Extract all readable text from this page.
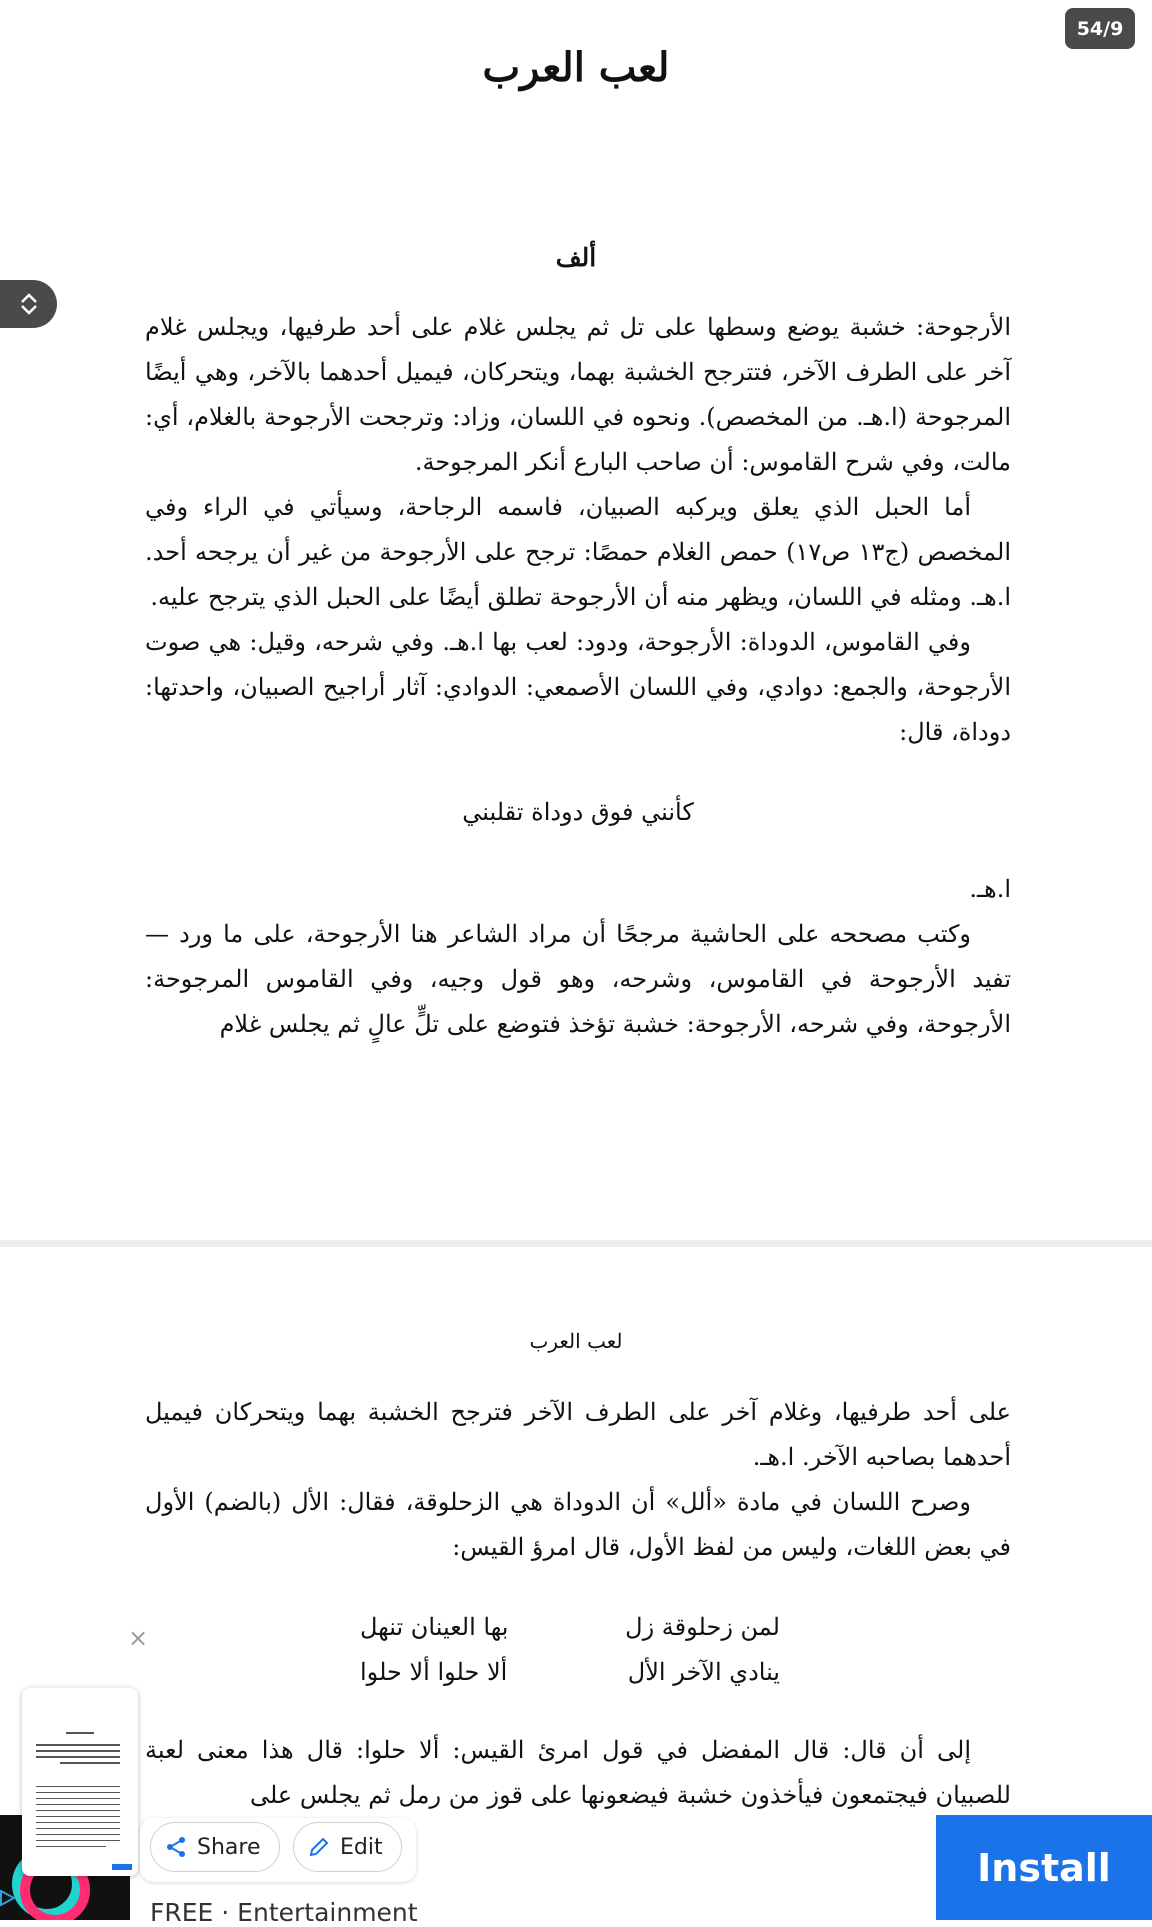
54/9
لعب العرب
ألف

الأرجوحة: خشبة يوضع وسطها على تل ثم يجلس غلام على أحد طرفيها، ويجلس غلام آخر على الطرف الآخر، فتترجح الخشبة بهما، ويتحركان، فيميل أحدهما بالآخر، وهي أيضًا المرجوحة (ا.هـ. من المخصص). ونحوه في اللسان، وزاد: وترجحت الأرجوحة بالغلام، أي: مالت، وفي شرح القاموس: أن صاحب البارع أنكر المرجوحة.

أما الحبل الذي يعلق ويركبه الصبيان، فاسمه الرجاحة، وسيأتي في الراء وفي المخصص (ج١٣ ص١٧) حمص الغلام حمصًا: ترجح على الأرجوحة من غير أن يرجحه أحد. ا.هـ. ومثله في اللسان، ويظهر منه أن الأرجوحة تطلق أيضًا على الحبل الذي يترجح عليه.

وفي القاموس، الدوداة: الأرجوحة، ودود: لعب بها ا.هـ. وفي شرحه، وقيل: هي صوت الأرجوحة، والجمع: دوادي، وفي اللسان الأصمعي: الدوادي: آثار أراجيح الصبيان، واحدتها: دوداة، قال:

كأنني فوق دوداة تقلبني

ا.هـ.

وكتب مصححه على الحاشية مرجحًا أن مراد الشاعر هنا الأرجوحة، على ما ورد — تفيد الأرجوحة في القاموس، وشرحه، وهو قول وجيه، وفي القاموس المرجوحة: الأرجوحة، وفي شرحه، الأرجوحة: خشبة تؤخذ فتوضع على تلٍّ عالٍ ثم يجلس غلام

لعب العرب

على أحد طرفيها، وغلام آخر على الطرف الآخر فترجح الخشبة بهما ويتحركان فيميل أحدهما بصاحبه الآخر. ا.هـ.

وصرح اللسان في مادة «ألل» أن الدوداة هي الزحلوقة، فقال: الأل (بالضم) الأول في بعض اللغات، وليس من لفظ الأول، قال امرؤ القيس:

لمن زحلوقة زل
بها العينان تنهل
ينادي الآخر الأل
ألا حلوا ألا حلوا

إلى أن قال: قال المفضل في قول امرئ القيس: ألا حلوا: قال هذا معنى لعبة للصبيان فيجتمعون فيأخذون خشبة فيضعونها على قوز من رمل ثم يجلس على

FREE · Entertainment
Install
×
Share	Edit
